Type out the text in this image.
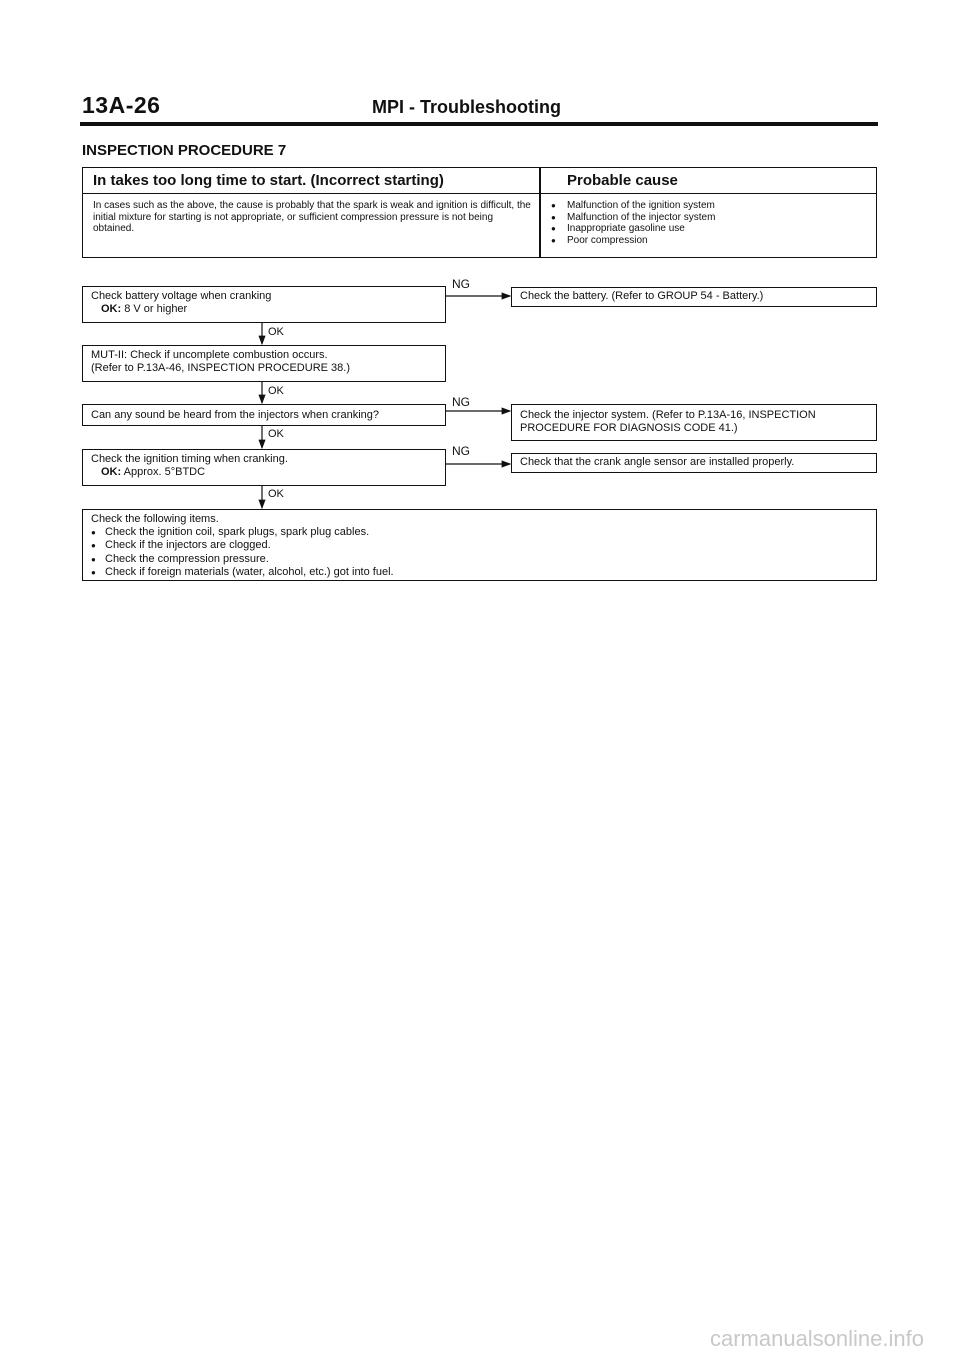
13A-26	MPI - Troubleshooting
INSPECTION PROCEDURE 7
In takes too long time to start. (Incorrect starting)	Probable cause
In cases such as the above, the cause is probably that the spark is weak and ignition is difficult, the initial mixture for starting is not appropriate, or sufficient compression pressure is not being obtained.
● Malfunction of the ignition system
● Malfunction of the injector system
● Inappropriate gasoline use
● Poor compression
Check battery voltage when cranking
OK: 8 V or higher
NG
Check the battery. (Refer to GROUP 54 - Battery.)
OK
MUT-II: Check if uncomplete combustion occurs.
(Refer to P.13A-46, INSPECTION PROCEDURE 38.)
OK
Can any sound be heard from the injectors when cranking?
NG
Check the injector system. (Refer to P.13A-16, INSPECTION PROCEDURE FOR DIAGNOSIS CODE 41.)
OK
Check the ignition timing when cranking.
OK: Approx. 5°BTDC
NG
Check that the crank angle sensor are installed properly.
OK
Check the following items.
● Check the ignition coil, spark plugs, spark plug cables.
● Check if the injectors are clogged.
● Check the compression pressure.
● Check if foreign materials (water, alcohol, etc.) got into fuel.
carmanualsonline.info
